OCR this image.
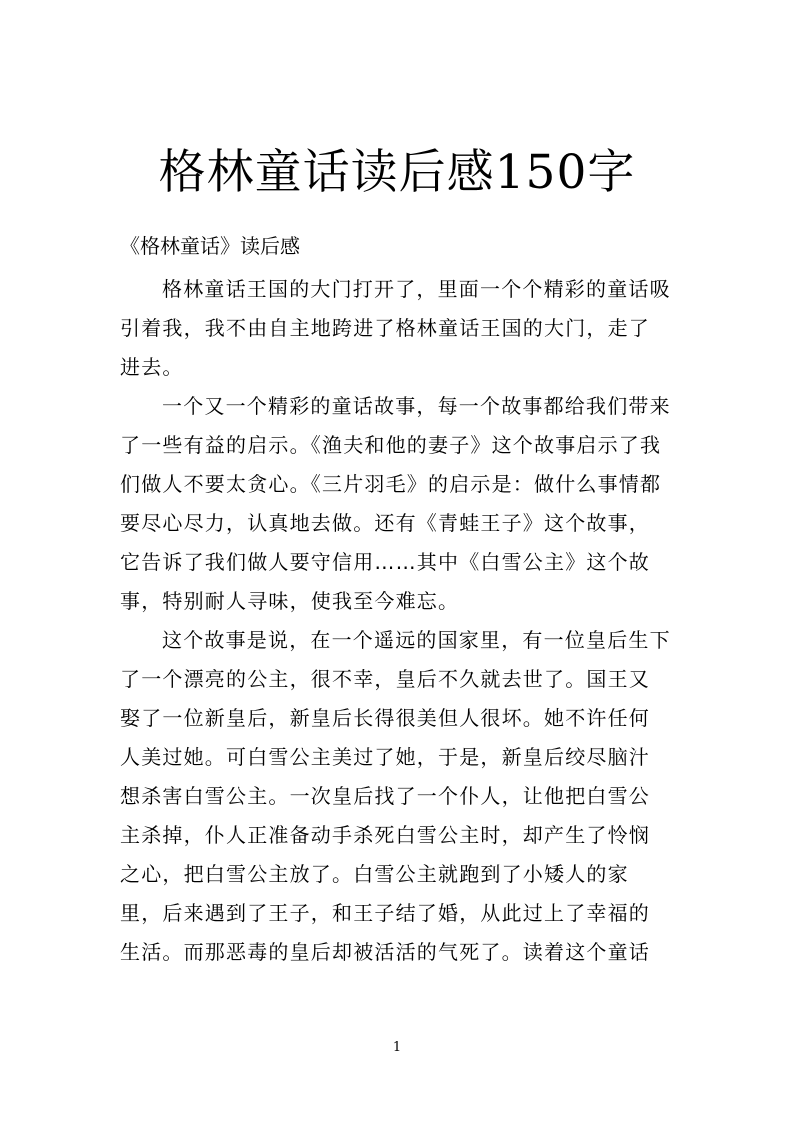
格林童话读后感150字
《格林童话》读后感
格林童话王国的大门打开了，里面一个个精彩的童话吸
引着我，我不由自主地跨进了格林童话王国的大门，走了
进去。
一个又一个精彩的童话故事，每一个故事都给我们带来
了一些有益的启示。《渔夫和他的妻子》这个故事启示了我
们做人不要太贪心。《三片羽毛》的启示是：做什么事情都
要尽心尽力，认真地去做。还有《青蛙王子》这个故事，
它告诉了我们做人要守信用……其中《白雪公主》这个故
事，特别耐人寻味，使我至今难忘。
这个故事是说，在一个遥远的国家里，有一位皇后生下
了一个漂亮的公主，很不幸，皇后不久就去世了。国王又
娶了一位新皇后，新皇后长得很美但人很坏。她不许任何
人美过她。可白雪公主美过了她，于是，新皇后绞尽脑汁
想杀害白雪公主。一次皇后找了一个仆人，让他把白雪公
主杀掉，仆人正准备动手杀死白雪公主时，却产生了怜悯
之心，把白雪公主放了。白雪公主就跑到了小矮人的家
里，后来遇到了王子，和王子结了婚，从此过上了幸福的
生活。而那恶毒的皇后却被活活的气死了。读着这个童话
1
